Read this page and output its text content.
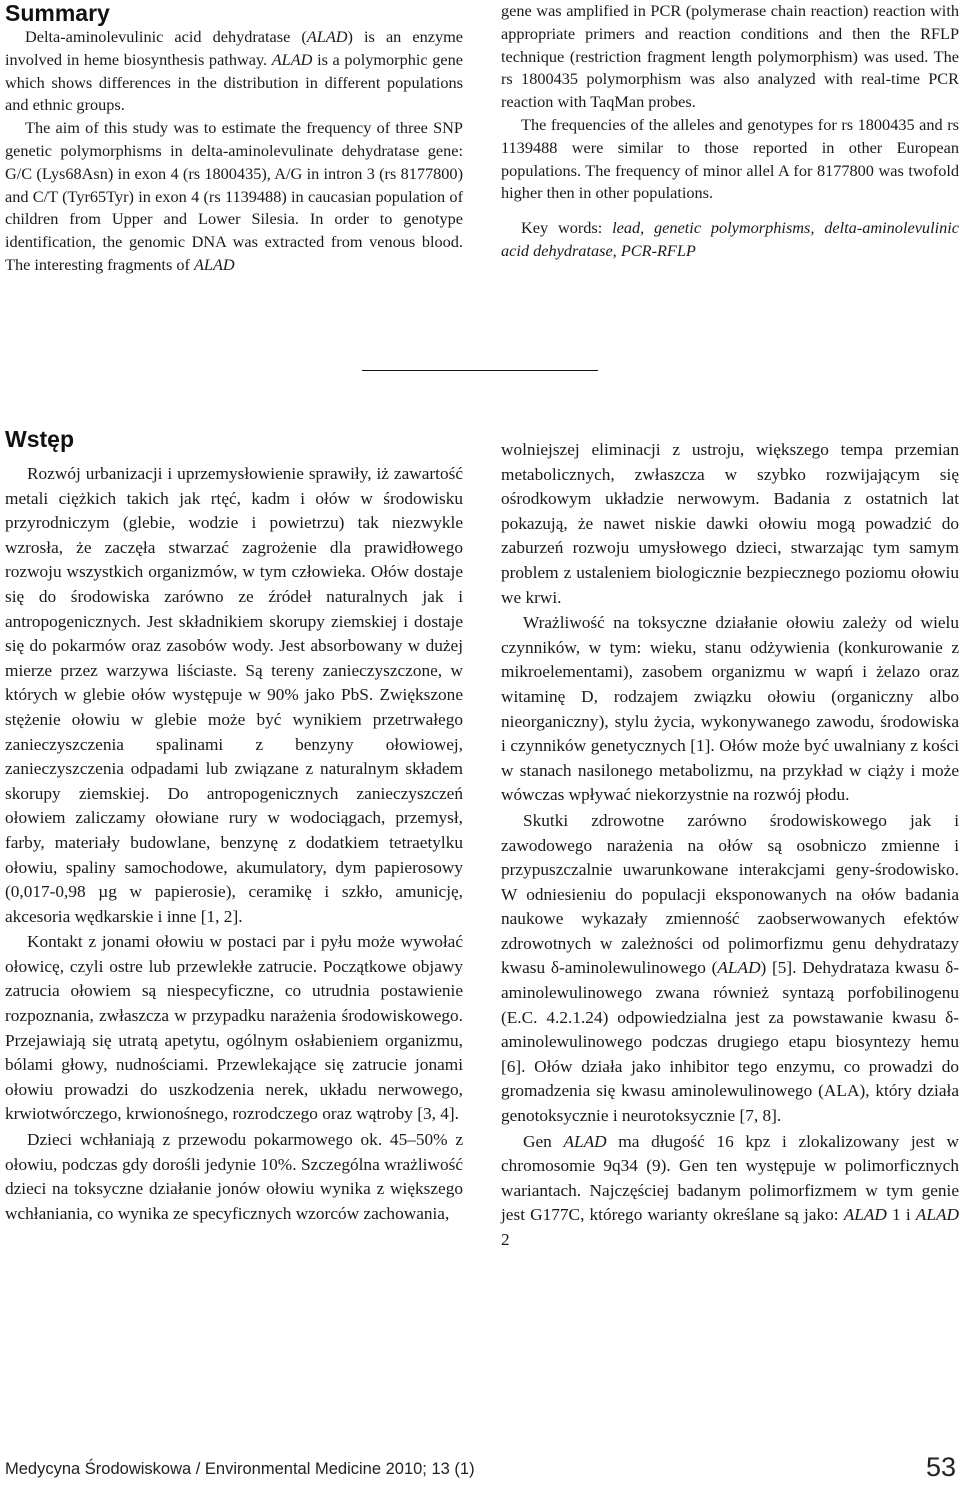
Summary

Delta-aminolevulinic acid dehydratase (ALAD) is an enzyme involved in heme biosynthesis pathway. ALAD is a polymorphic gene which shows differences in the distribution in different populations and ethnic groups.

The aim of this study was to estimate the frequency of three SNP genetic polymorphisms in delta-aminolevulinate dehydratase gene: G/C (Lys68Asn) in exon 4 (rs 1800435), A/G in intron 3 (rs 8177800) and C/T (Tyr65Tyr) in exon 4 (rs 1139488) in caucasian population of children from Upper and Lower Silesia. In order to genotype identification, the genomic DNA was extracted from venous blood. The interesting fragments of ALAD

gene was amplified in PCR (polymerase chain reaction) reaction with appropriate primers and reaction conditions and then the RFLP technique (restriction fragment length polymorphism) was used. The rs 1800435 polymorphism was also analyzed with real-time PCR reaction with TaqMan probes.

The frequencies of the alleles and genotypes for rs 1800435 and rs 1139488 were similar to those reported in other European populations. The frequency of minor allel A for 8177800 was twofold higher then in other populations.

Key words: lead, genetic polymorphisms, delta-aminolevulinic acid dehydratase, PCR-RFLP

Wstęp

Rozwój urbanizacji i uprzemysłowienie sprawiły, iż zawartość metali ciężkich takich jak rtęć, kadm i ołów w środowisku przyrodniczym (glebie, wodzie i powietrzu) tak niezwykle wzrosła, że zaczęła stwarzać zagrożenie dla prawidłowego rozwoju wszystkich organizmów, w tym człowieka. Ołów dostaje się do środowiska zarówno ze źródeł naturalnych jak i antropogenicznych. Jest składnikiem skorupy ziemskiej i dostaje się do pokarmów oraz zasobów wody. Jest absorbowany w dużej mierze przez warzywa liściaste. Są tereny zanieczyszczone, w których w glebie ołów występuje w 90% jako PbS. Zwiększone stężenie ołowiu w glebie może być wynikiem przetrwałego zanieczyszczenia spalinami z benzyny ołowiowej, zanieczyszczenia odpadami lub związane z naturalnym składem skorupy ziemskiej. Do antropogenicznych zanieczyszczeń ołowiem zaliczamy ołowiane rury w wodociągach, przemysł, farby, materiały budowlane, benzynę z dodatkiem tetraetylku ołowiu, spaliny samochodowe, akumulatory, dym papierosowy (0,017-0,98 µg w papierosie), ceramikę i szkło, amunicję, akcesoria wędkarskie i inne [1, 2].

Kontakt z jonami ołowiu w postaci par i pyłu może wywołać ołowicę, czyli ostre lub przewlekłe zatrucie. Początkowe objawy zatrucia ołowiem są niespecyficzne, co utrudnia postawienie rozpoznania, zwłaszcza w przypadku narażenia środowiskowego. Przejawiają się utratą apetytu, ogólnym osłabieniem organizmu, bólami głowy, nudnościami. Przewlekające się zatrucie jonami ołowiu prowadzi do uszkodzenia nerek, układu nerwowego, krwiotwórczego, krwionośnego, rozrodczego oraz wątroby [3, 4].

Dzieci wchłaniają z przewodu pokarmowego ok. 45–50% z ołowiu, podczas gdy dorośli jedynie 10%. Szczególna wrażliwość dzieci na toksyczne działanie jonów ołowiu wynika z większego wchłaniania, co wynika ze specyficznych wzorców zachowania,

wolniejszej eliminacji z ustroju, większego tempa przemian metabolicznych, zwłaszcza w szybko rozwijającym się ośrodkowym układzie nerwowym. Badania z ostatnich lat pokazują, że nawet niskie dawki ołowiu mogą powadzić do zaburzeń rozwoju umysłowego dzieci, stwarzając tym samym problem z ustaleniem biologicznie bezpiecznego poziomu ołowiu we krwi.

Wrażliwość na toksyczne działanie ołowiu zależy od wielu czynników, w tym: wieku, stanu odżywienia (konkurowanie z mikroelementami), zasobem organizmu w wapń i żelazo oraz witaminę D, rodzajem związku ołowiu (organiczny albo nieorganiczny), stylu życia, wykonywanego zawodu, środowiska i czynników genetycznych [1]. Ołów może być uwalniany z kości w stanach nasilonego metabolizmu, na przykład w ciąży i może wówczas wpływać niekorzystnie na rozwój płodu.

Skutki zdrowotne zarówno środowiskowego jak i zawodowego narażenia na ołów są osobniczo zmienne i przypuszczalnie uwarunkowane interakcjami geny-środowisko. W odniesieniu do populacji eksponowanych na ołów badania naukowe wykazały zmienność zaobserwowanych efektów zdrowotnych w zależności od polimorfizmu genu dehydratazy kwasu δ-aminolewulinowego (ALAD) [5]. Dehydrataza kwasu δ-aminolewulinowego zwana również syntazą porfobilinogenu (E.C. 4.2.1.24) odpowiedzialna jest za powstawanie kwasu δ-aminolewulinowego podczas drugiego etapu biosyntezy hemu [6]. Ołów działa jako inhibitor tego enzymu, co prowadzi do gromadzenia się kwasu aminolewulinowego (ALA), który działa genotoksycznie i neurotoksycznie [7, 8].

Gen ALAD ma długość 16 kpz i zlokalizowany jest w chromosomie 9q34 (9). Gen ten występuje w polimorficznych wariantach. Najczęściej badanym polimorfizmem w tym genie jest G177C, którego warianty określane są jako: ALAD 1 i ALAD 2

Medycyna Środowiskowa / Environmental Medicine 2010; 13 (1)	53
